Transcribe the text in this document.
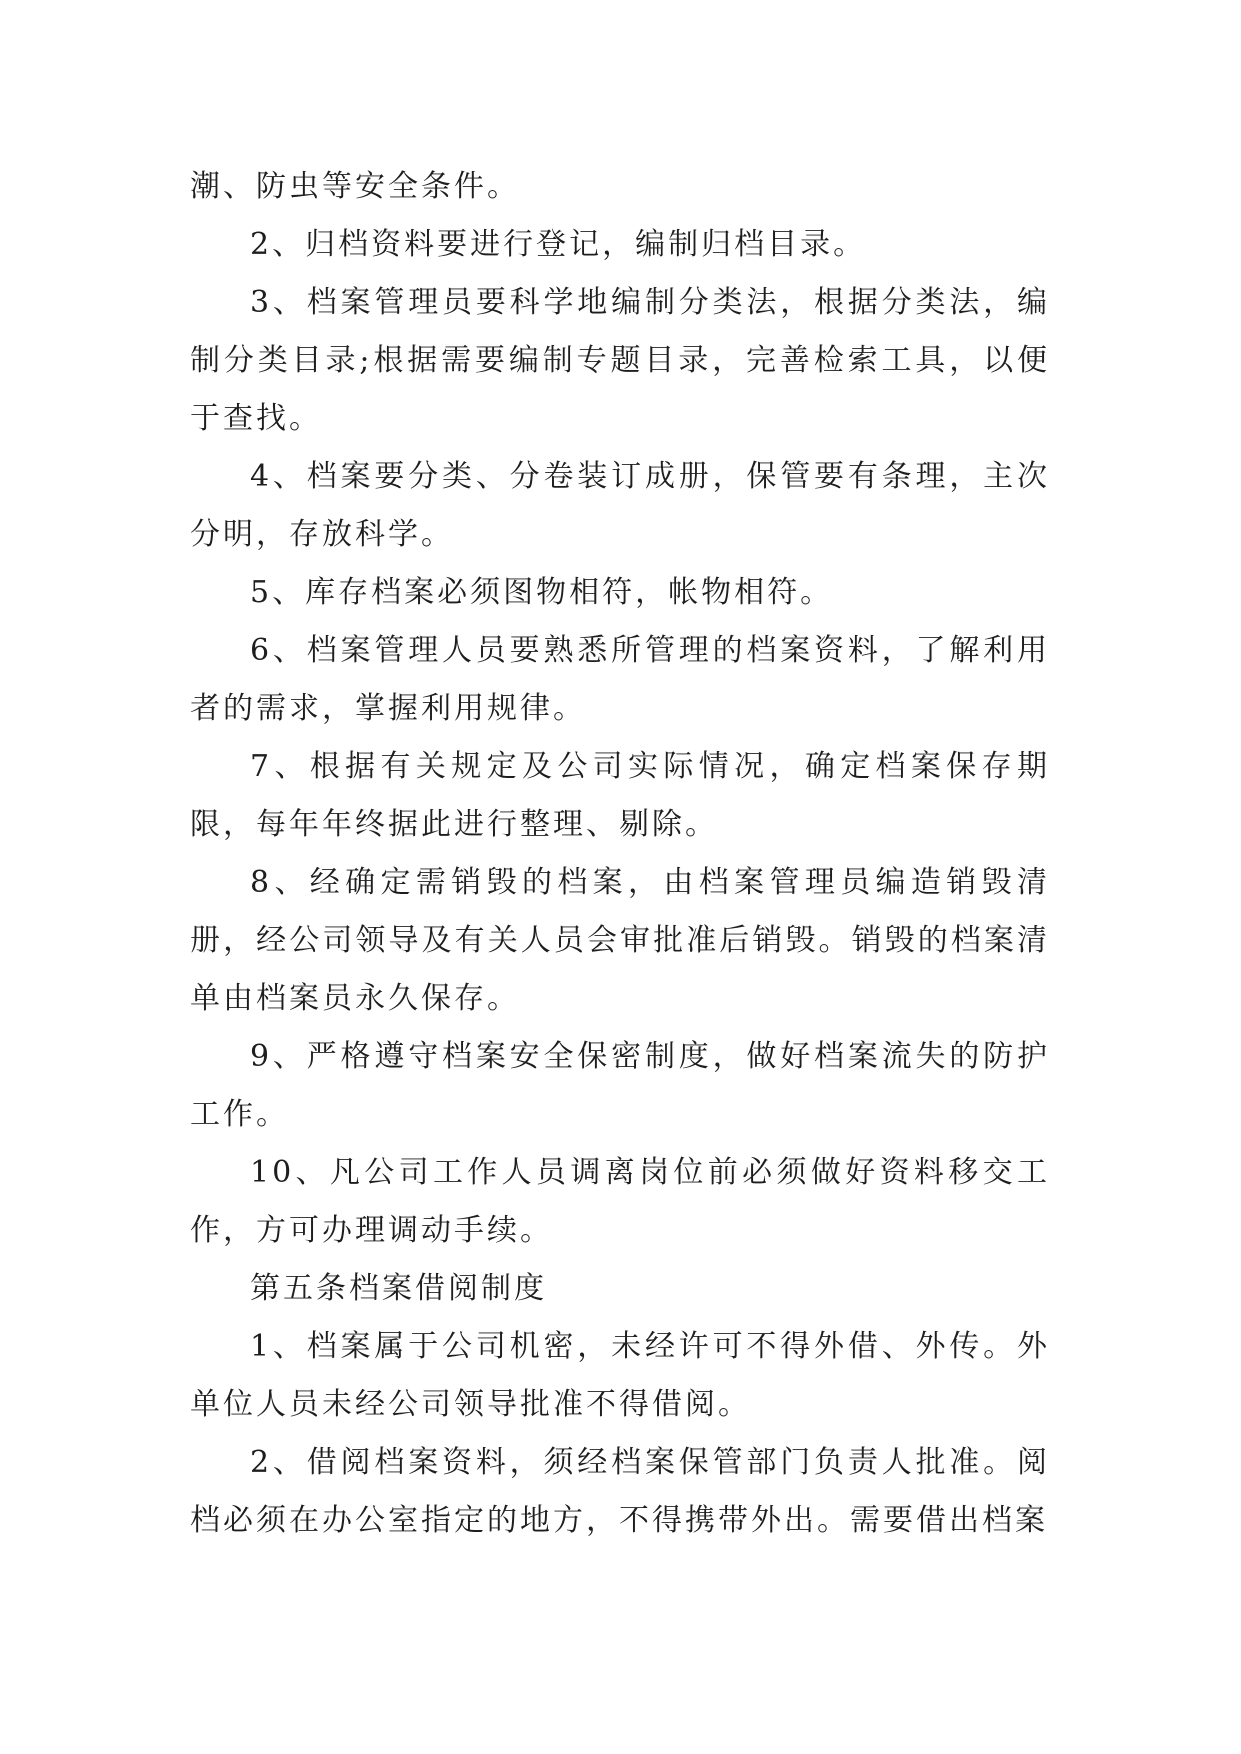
潮、防虫等安全条件。

2、归档资料要进行登记，编制归档目录。

3、档案管理员要科学地编制分类法，根据分类法，编制分类目录;根据需要编制专题目录，完善检索工具，以便于查找。

4、档案要分类、分卷装订成册，保管要有条理，主次分明，存放科学。

5、库存档案必须图物相符，帐物相符。

6、档案管理人员要熟悉所管理的档案资料，了解利用者的需求，掌握利用规律。

7、根据有关规定及公司实际情况，确定档案保存期限，每年年终据此进行整理、剔除。

8、经确定需销毁的档案，由档案管理员编造销毁清册，经公司领导及有关人员会审批准后销毁。销毁的档案清单由档案员永久保存。

9、严格遵守档案安全保密制度，做好档案流失的防护工作。

10、凡公司工作人员调离岗位前必须做好资料移交工作，方可办理调动手续。

第五条档案借阅制度

1、档案属于公司机密，未经许可不得外借、外传。外单位人员未经公司领导批准不得借阅。

2、借阅档案资料，须经档案保管部门负责人批准。阅档必须在办公室指定的地方，不得携带外出。需要借出档案
